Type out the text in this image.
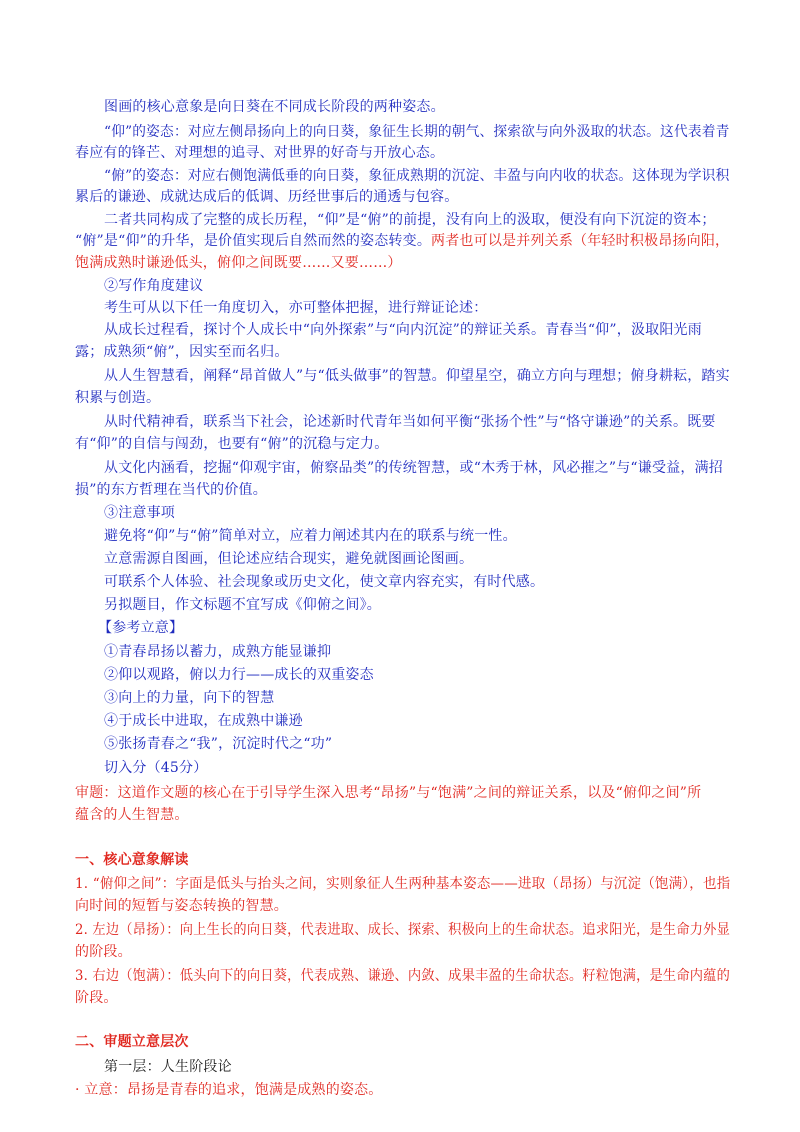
图画的核心意象是向日葵在不同成长阶段的两种姿态。
“仰”的姿态：对应左侧昂扬向上的向日葵，象征生长期的朝气、探索欲与向外汲取的状态。这代表着青
春应有的锋芒、对理想的追寻、对世界的好奇与开放心态。
“俯”的姿态：对应右侧饱满低垂的向日葵，象征成熟期的沉淀、丰盈与向内收的状态。这体现为学识积
累后的谦逊、成就达成后的低调、历经世事后的通透与包容。
二者共同构成了完整的成长历程，“仰”是“俯”的前提，没有向上的汲取，便没有向下沉淀的资本；
“俯”是“仰”的升华，是价值实现后自然而然的姿态转变。两者也可以是并列关系（年轻时积极昂扬向阳，
饱满成熟时谦逊低头，俯仰之间既要……又要……）
②写作角度建议
考生可从以下任一角度切入，亦可整体把握，进行辩证论述：
从成长过程看，探讨个人成长中“向外探索”与“向内沉淀”的辩证关系。青春当“仰”，汲取阳光雨
露；成熟须“俯”，因实至而名归。
从人生智慧看，阐释“昂首做人”与“低头做事”的智慧。仰望星空，确立方向与理想；俯身耕耘，踏实
积累与创造。
从时代精神看，联系当下社会，论述新时代青年当如何平衡“张扬个性”与“恪守谦逊”的关系。既要
有“仰”的自信与闯劲，也要有“俯”的沉稳与定力。
从文化内涵看，挖掘“仰观宇宙，俯察品类”的传统智慧，或“木秀于林，风必摧之”与“谦受益，满招
损”的东方哲理在当代的价值。
③注意事项
避免将“仰”与“俯”简单对立，应着力阐述其内在的联系与统一性。
立意需源自图画，但论述应结合现实，避免就图画论图画。
可联系个人体验、社会现象或历史文化，使文章内容充实，有时代感。
另拟题目，作文标题不宜写成《仰俯之间》。
【参考立意】
①青春昂扬以蓄力，成熟方能显谦抑
②仰以观路，俯以力行——成长的双重姿态
③向上的力量，向下的智慧
④于成长中进取，在成熟中谦逊
⑤张扬青春之“我”，沉淀时代之“功”
切入分（45分）
审题：这道作文题的核心在于引导学生深入思考“昂扬”与“饱满”之间的辩证关系，以及“俯仰之间”所
蕴含的人生智慧。
一、核心意象解读
1. “俯仰之间”：字面是低头与抬头之间，实则象征人生两种基本姿态——进取（昂扬）与沉淀（饱满），也指
向时间的短暂与姿态转换的智慧。
2. 左边（昂扬）：向上生长的向日葵，代表进取、成长、探索、积极向上的生命状态。追求阳光，是生命力外显
的阶段。
3. 右边（饱满）：低头向下的向日葵，代表成熟、谦逊、内敛、成果丰盈的生命状态。籽粒饱满，是生命内蕴的
阶段。
二、审题立意层次
第一层：人生阶段论
· 立意：昂扬是青春的追求，饱满是成熟的姿态。
